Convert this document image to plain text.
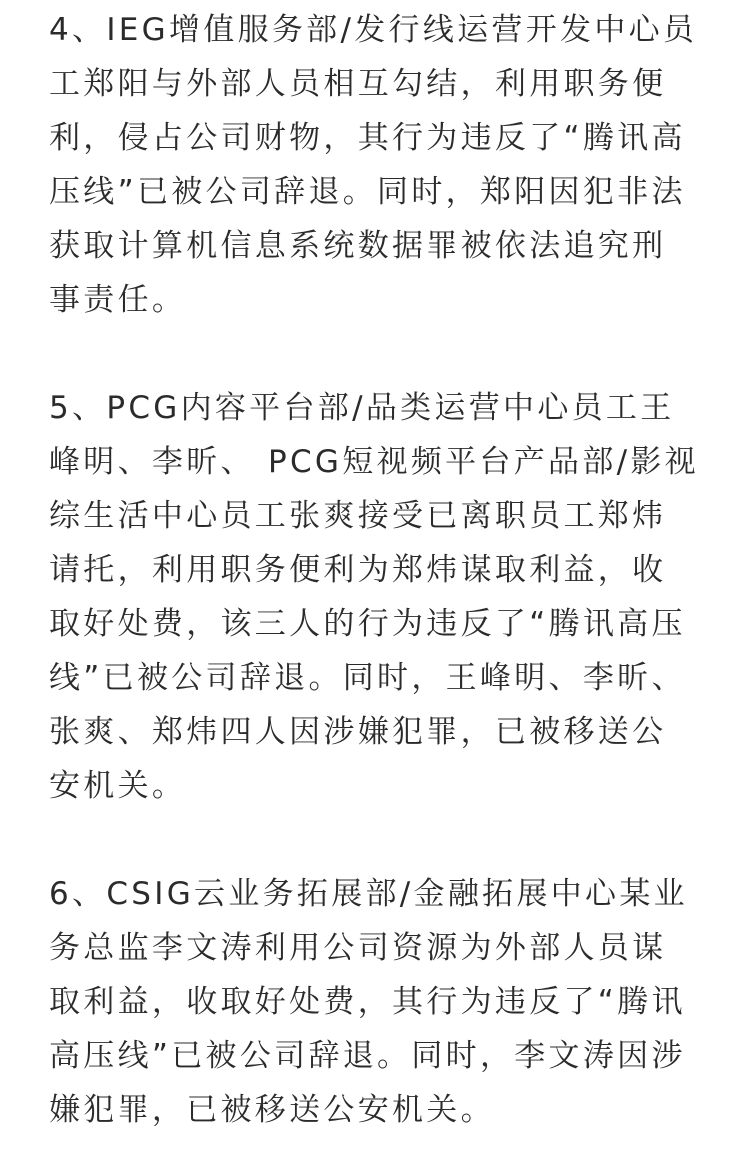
4、IEG增值服务部/发行线运营开发中心员
工郑阳与外部人员相互勾结，利用职务便
利，侵占公司财物，其行为违反了“腾讯高
压线”已被公司辞退。同时，郑阳因犯非法
获取计算机信息系统数据罪被依法追究刑
事责任。

5、PCG内容平台部/品类运营中心员工王
峰明、李昕、 PCG短视频平台产品部/影视
综生活中心员工张爽接受已离职员工郑炜
请托，利用职务便利为郑炜谋取利益，收
取好处费，该三人的行为违反了“腾讯高压
线”已被公司辞退。同时，王峰明、李昕、
张爽、郑炜四人因涉嫌犯罪，已被移送公
安机关。

6、CSIG云业务拓展部/金融拓展中心某业
务总监李文涛利用公司资源为外部人员谋
取利益，收取好处费，其行为违反了“腾讯
高压线”已被公司辞退。同时，李文涛因涉
嫌犯罪，已被移送公安机关。
